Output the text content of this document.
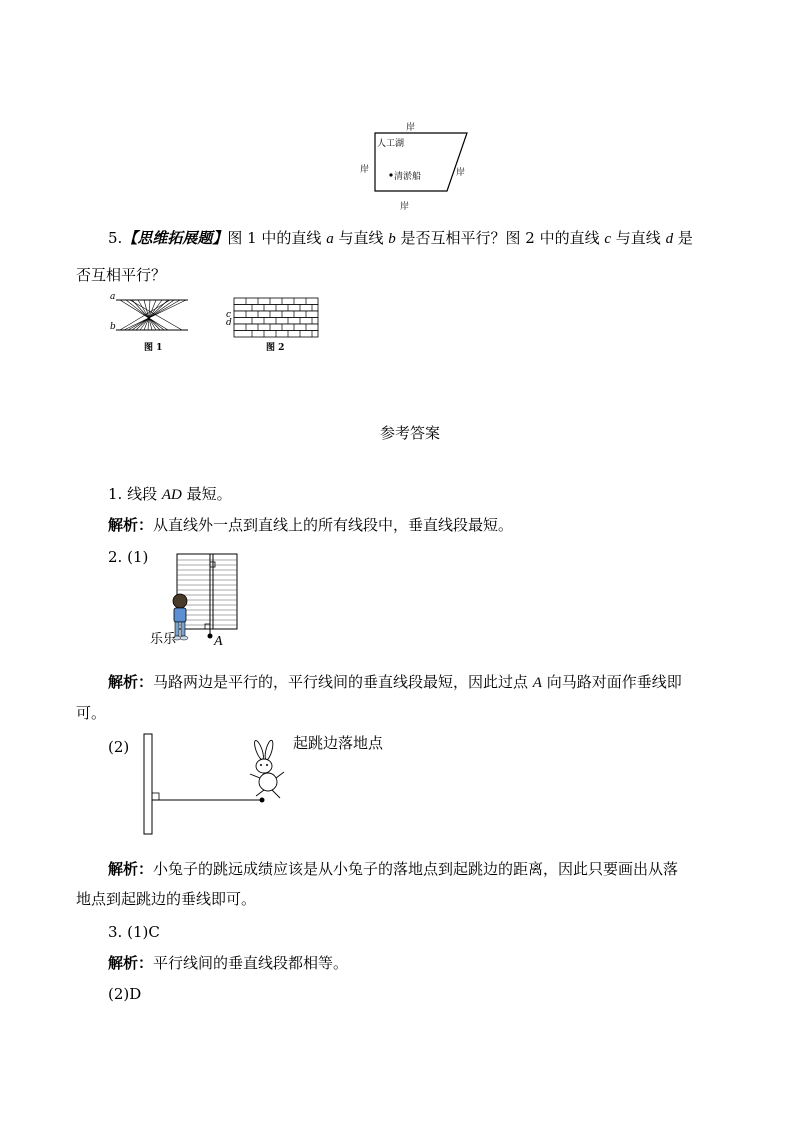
岸
岸	岸
岸
人工湖
清淤船
5.【思维拓展题】图 1 中的直线 a 与直线 b 是否互相平行？图 2 中的直线 c 与直线 d 是
否互相平行？
a
b
图 1
c
d
图 2
参考答案
1. 线段 AD 最短。
解析：从直线外一点到直线上的所有线段中，垂直线段最短。
2. (1)
乐乐	A
解析：马路两边是平行的，平行线间的垂直线段最短，因此过点 A 向马路对面作垂线即
可。
(2)	起跳边落地点
解析：小兔子的跳远成绩应该是从小兔子的落地点到起跳边的距离，因此只要画出从落
地点到起跳边的垂线即可。
3. (1)C
解析：平行线间的垂直线段都相等。
(2)D
